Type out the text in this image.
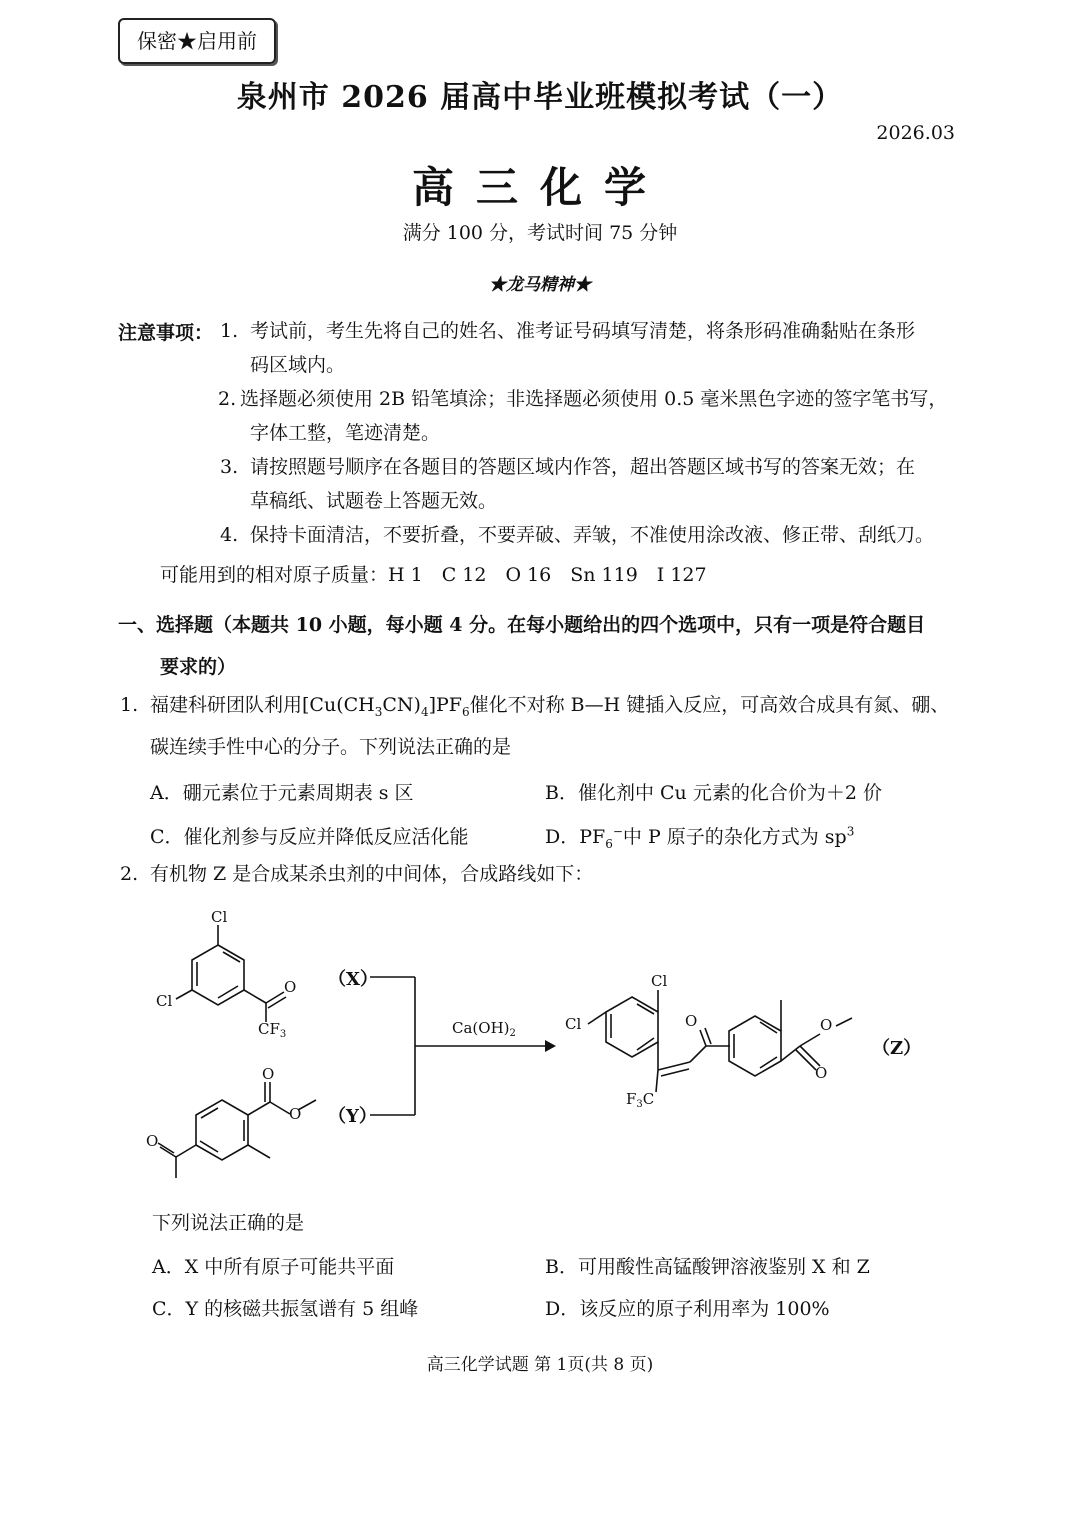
保密★启用前
泉州市 2026 届高中毕业班模拟考试（一）
2026.03
高三化学
满分 100 分，考试时间 75 分钟
★龙马精神★
注意事项： 1. 考试前，考生先将自己的姓名、准考证号码填写清楚，将条形码准确黏贴在条形
码区域内。
2. 选择题必须使用 2B 铅笔填涂；非选择题必须使用 0.5 毫米黑色字迹的签字笔书写，
字体工整，笔迹清楚。
3. 请按照题号顺序在各题目的答题区域内作答，超出答题区域书写的答案无效；在
草稿纸、试题卷上答题无效。
4. 保持卡面清洁，不要折叠，不要弄破、弄皱，不准使用涂改液、修正带、刮纸刀。
可能用到的相对原子质量：H 1　C 12　O 16　Sn 119　I 127
一、选择题（本题共 10 小题，每小题 4 分。在每小题给出的四个选项中，只有一项是符合题目
要求的）
1. 福建科研团队利用$[Cu(CH_3CN)_4]PF_6$催化不对称 B—H 键插入反应，可高效合成具有氮、硼、
碳连续手性中心的分子。下列说法正确的是
A．硼元素位于元素周期表 s 区	B．催化剂中 Cu 元素的化合价为＋2 价
C．催化剂参与反应并降低反应活化能	D．$PF_6^-$中 P 原子的杂化方式为 $sp^3$
2. 有机物 Z 是合成某杀虫剂的中间体，合成路线如下：
Cl
Cl
O
$CF_3$
O
O
O
Cl
Cl	O
$F_3C$
O
O
（X）
（Y）
（Z）
$Ca(OH)_2$
下列说法正确的是
A．X 中所有原子可能共平面	B．可用酸性高锰酸钾溶液鉴别 X 和 Z
C．Y 的核磁共振氢谱有 5 组峰	D．该反应的原子利用率为 100%
高三化学试题 第 1页(共 8 页)
